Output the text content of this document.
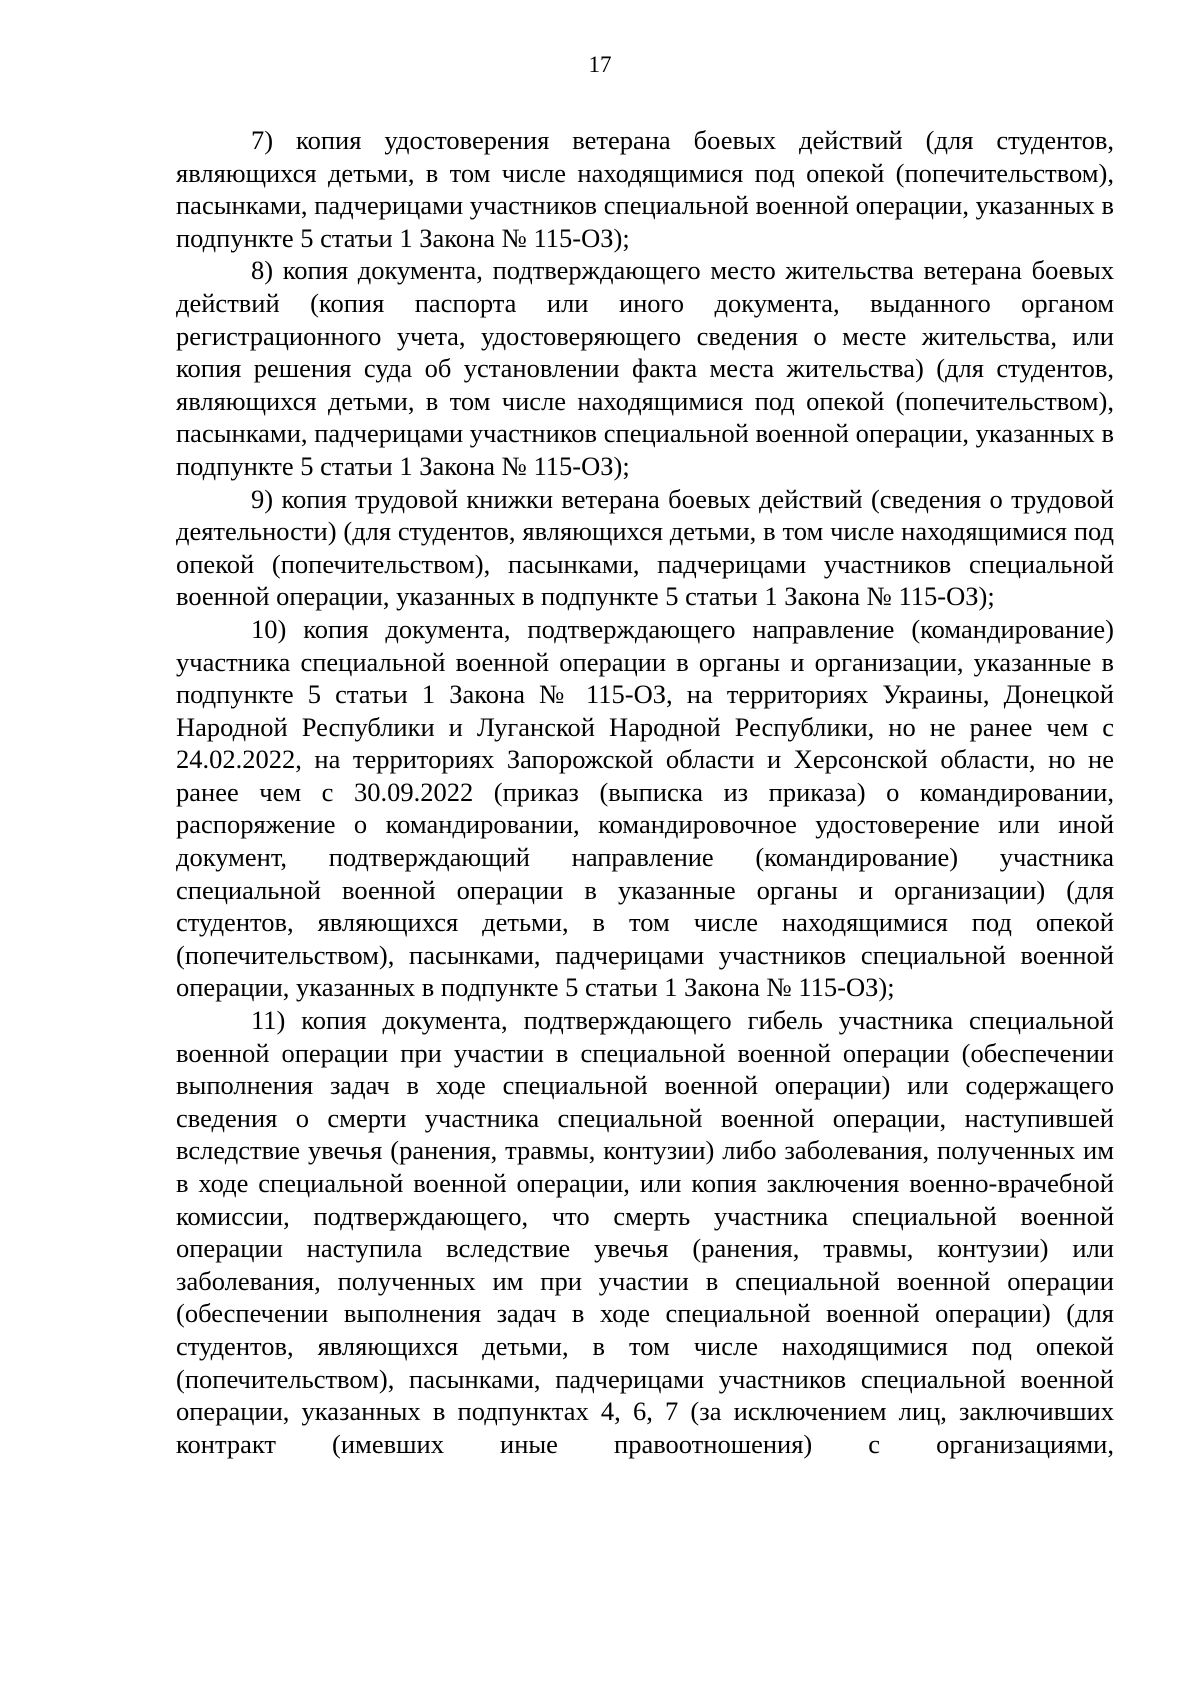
17

7) копия удостоверения ветерана боевых действий (для студентов, являющихся детьми, в том числе находящимися под опекой (попечительством), пасынками, падчерицами участников специальной военной операции, указанных в подпункте 5 статьи 1 Закона № 115-ОЗ);

8) копия документа, подтверждающего место жительства ветерана боевых действий (копия паспорта или иного документа, выданного органом регистрационного учета, удостоверяющего сведения о месте жительства, или копия решения суда об установлении факта места жительства) (для студентов, являющихся детьми, в том числе находящимися под опекой (попечительством), пасынками, падчерицами участников специальной военной операции, указанных в подпункте 5 статьи 1 Закона № 115-ОЗ);

9) копия трудовой книжки ветерана боевых действий (сведения о трудовой деятельности) (для студентов, являющихся детьми, в том числе находящимися под опекой (попечительством), пасынками, падчерицами участников специальной военной операции, указанных в подпункте 5 статьи 1 Закона № 115-ОЗ);

10) копия документа, подтверждающего направление (командирование) участника специальной военной операции в органы и организации, указанные в подпункте 5 статьи 1 Закона № 115-ОЗ, на территориях Украины, Донецкой Народной Республики и Луганской Народной Республики, но не ранее чем с 24.02.2022, на территориях Запорожской области и Херсонской области, но не ранее чем с 30.09.2022 (приказ (выписка из приказа) о командировании, распоряжение о командировании, командировочное удостоверение или иной документ, подтверждающий направление (командирование) участника специальной военной операции в указанные органы и организации) (для студентов, являющихся детьми, в том числе находящимися под опекой (попечительством), пасынками, падчерицами участников специальной военной операции, указанных в подпункте 5 статьи 1 Закона № 115-ОЗ);

11) копия документа, подтверждающего гибель участника специальной военной операции при участии в специальной военной операции (обеспечении выполнения задач в ходе специальной военной операции) или содержащего сведения о смерти участника специальной военной операции, наступившей вследствие увечья (ранения, травмы, контузии) либо заболевания, полученных им в ходе специальной военной операции, или копия заключения военно-врачебной комиссии, подтверждающего, что смерть участника специальной военной операции наступила вследствие увечья (ранения, травмы, контузии) или заболевания, полученных им при участии в специальной военной операции (обеспечении выполнения задач в ходе специальной военной операции) (для студентов, являющихся детьми, в том числе находящимися под опекой (попечительством), пасынками, падчерицами участников специальной военной операции, указанных в подпунктах 4, 6, 7 (за исключением лиц, заключивших контракт (имевших иные правоотношения) с организациями,
